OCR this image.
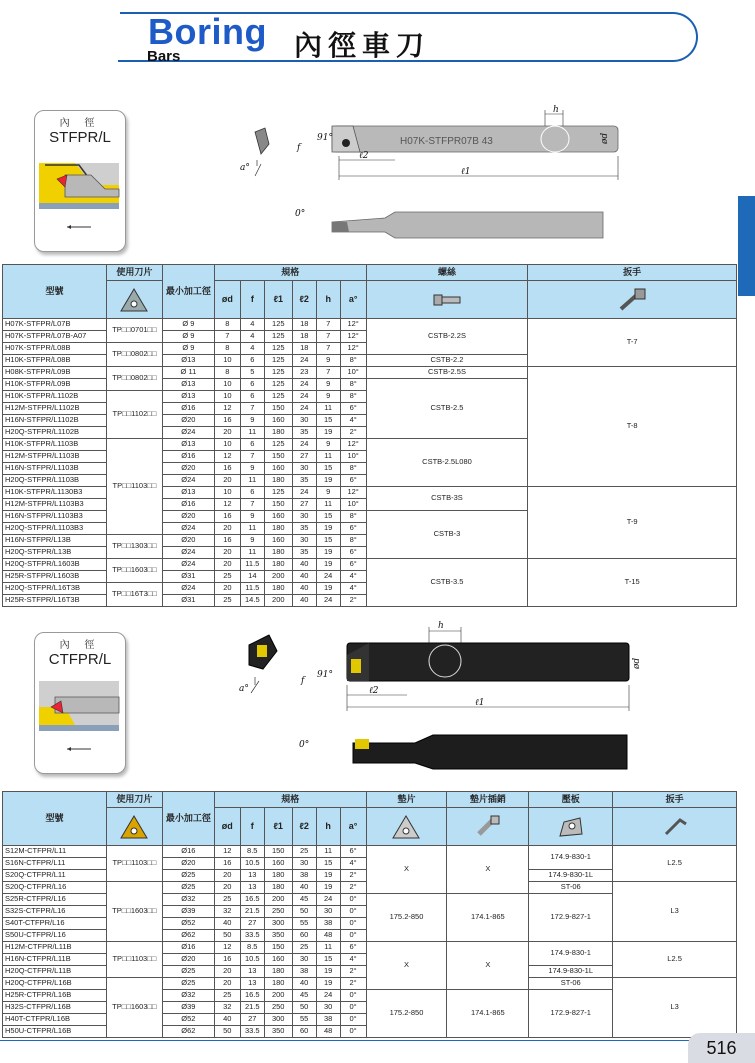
Boring
Bars	內徑車刀
內 徑
STFPR/L
a°
H07K-STFPR07B 43
91°
f
h
ød
ℓ2
ℓ1
0°
型號	使用刀片	最小加工徑	規格						螺絲	扳手

	ød	f	ℓ1	ℓ2	h	a°	

H07K-STFPR/L07B	TP□□0701□□	Ø 9	8	4	125	18	7	12°	CSTB-2.2S	T-7
H07K-STFPR/L07B-A07		Ø 9	7	4	125	18	7	12°		
H07K-STFPR/L08B	TP□□0802□□	Ø 9	8	4	125	18	7	12°		
H10K-STFPR/L08B		Ø13	10	6	125	24	9	8°	CSTB-2.2	
H08K-STFPR/L09B	TP□□0802□□	Ø 11	8	5	125	23	7	10°	CSTB-2.5S	T-8
H10K-STFPR/L09B		Ø13	10	6	125	24	9	8°	CSTB-2.5	
H10K-STFPR/L1102B	TP□□1102□□	Ø13	10	6	125	24	9	8°		
H12M-STFPR/L1102B		Ø16	12	7	150	24	11	6°		
H16N-STFPR/L1102B		Ø20	16	9	160	30	15	4°		
H20Q-STFPR/L1102B		Ø24	20	11	180	35	19	2°		
H10K-STFPR/L1103B	TP□□1103□□	Ø13	10	6	125	24	9	12°	CSTB-2.5L080	
H12M-STFPR/L1103B		Ø16	12	7	150	27	11	10°		
H16N-STFPR/L1103B		Ø20	16	9	160	30	15	8°		
H20Q-STFPR/L1103B		Ø24	20	11	180	35	19	6°		
H10K-STFPR/L1130B3		Ø13	10	6	125	24	9	12°	CSTB-3S	T-9
H12M-STFPR/L1103B3		Ø16	12	7	150	27	11	10°		
H16N-STFPR/L1103B3		Ø20	16	9	160	30	15	8°	CSTB-3	
H20Q-STFPR/L1103B3		Ø24	20	11	180	35	19	6°		
H16N-STFPR/L13B	TP□□1303□□	Ø20	16	9	160	30	15	8°		
H20Q-STFPR/L13B		Ø24	20	11	180	35	19	6°		
H20Q-STFPR/L1603B	TP□□1603□□	Ø24	20	11.5	180	40	19	6°	CSTB-3.5	T-15
H25R-STFPR/L1603B		Ø31	25	14	200	40	24	4°		
H20Q-STFPR/L16T3B	TP□□16T3□□	Ø24	20	11.5	180	40	19	4°		
H25R-STFPR/L16T3B		Ø31	25	14.5	200	40	24	2°		
內 徑
CTFPR/L
a°
91°
f
h
ød
ℓ2
ℓ1
0°
型號	使用刀片	最小加工徑	規格						墊片	墊片插銷	壓板	扳手

	ød	f	ℓ1	ℓ2	h	a°	

S12M-CTFPR/L11	TP□□1103□□	Ø16	12	8.5	150	25	11	6°	X	X	174.9-830-1	L2.5
S16N-CTFPR/L11		Ø20	16	10.5	160	30	15	4°				
S20Q-CTFPR/L11		Ø25	20	13	180	38	19	2°			174.9-830-1L	
S20Q-CTFPR/L16	TP□□1603□□	Ø25	20	13	180	40	19	2°			ST-06	L3
S25R-CTFPR/L16		Ø32	25	16.5	200	45	24	0°	175.2-850	174.1-865	172.9-827-1	
S32S-CTFPR/L16		Ø39	32	21.5	250	50	30	0°				
S40T-CTFPR/L16		Ø52	40	27	300	55	38	0°				
S50U-CTFPR/L16		Ø62	50	33.5	350	60	48	0°				
H12M-CTFPR/L11B	TP□□1103□□	Ø16	12	8.5	150	25	11	6°	X	X	174.9-830-1	L2.5
H16N-CTFPR/L11B		Ø20	16	10.5	160	30	15	4°				
H20Q-CTFPR/L11B		Ø25	20	13	180	38	19	2°			174.9-830-1L	
H20Q-CTFPR/L16B	TP□□1603□□	Ø25	20	13	180	40	19	2°			ST-06	L3
H25R-CTFPR/L16B		Ø32	25	16.5	200	45	24	0°	175.2-850	174.1-865	172.9-827-1	
H32S-CTFPR/L16B		Ø39	32	21.5	250	50	30	0°				
H40T-CTFPR/L16B		Ø52	40	27	300	55	38	0°				
H50U-CTFPR/L16B		Ø62	50	33.5	350	60	48	0°				
516
